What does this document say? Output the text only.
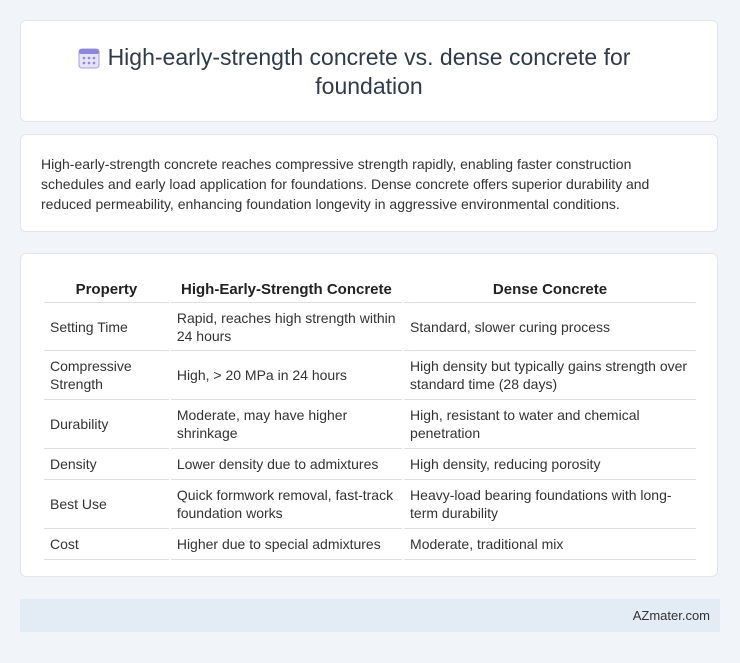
High-early-strength concrete vs. dense concrete for foundation
High-early-strength concrete reaches compressive strength rapidly, enabling faster construction schedules and early load application for foundations. Dense concrete offers superior durability and reduced permeability, enhancing foundation longevity in aggressive environmental conditions.
Property	High-Early-Strength Concrete	Dense Concrete
Setting Time	Rapid, reaches high strength within 24 hours	Standard, slower curing process
Compressive Strength	High, > 20 MPa in 24 hours	High density but typically gains strength over standard time (28 days)
Durability	Moderate, may have higher shrinkage	High, resistant to water and chemical penetration
Density	Lower density due to admixtures	High density, reducing porosity
Best Use	Quick formwork removal, fast-track foundation works	Heavy-load bearing foundations with long-term durability
Cost	Higher due to special admixtures	Moderate, traditional mix
AZmater.com
